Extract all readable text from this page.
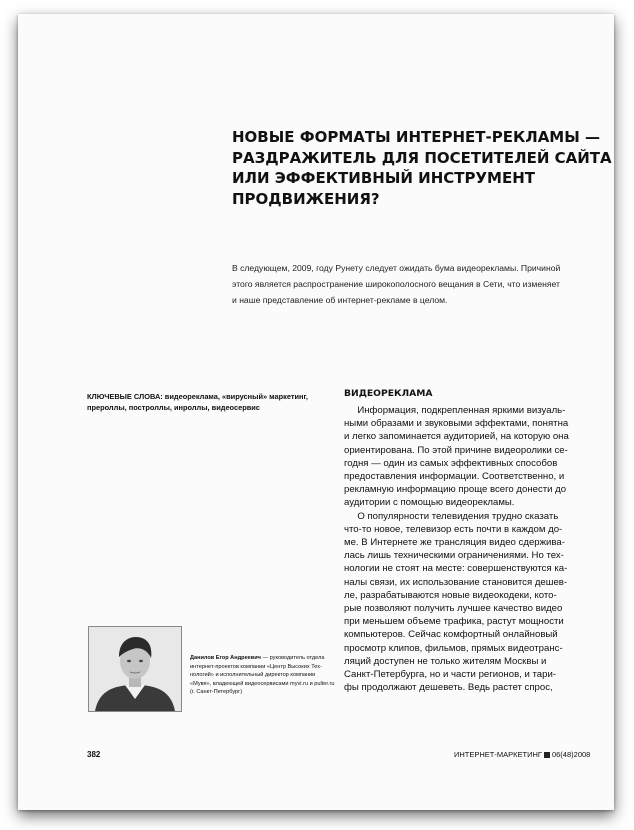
НОВЫЕ ФОРМАТЫ ИНТЕРНЕТ-РЕКЛАМЫ —
РАЗДРАЖИТЕЛЬ ДЛЯ ПОСЕТИТЕЛЕЙ САЙТА
ИЛИ ЭФФЕКТИВНЫЙ ИНСТРУМЕНТ
ПРОДВИЖЕНИЯ?

В следующем, 2009, году Рунету следует ожидать бума видеорекламы. Причиной
этого является распространение широкополосного вещания в Сети, что изменяет
и наше представление об интернет-рекламе в целом.

КЛЮЧЕВЫЕ СЛОВА: видеореклама, «вирусный» маркетинг,
прероллы, построллы, инроллы, видеосервис
ВИДЕОРЕКЛАМА

Информация, подкрепленная яркими визуаль-
ными образами и звуковыми эффектами, понятна
и легко запоминается аудиторией, на которую она
ориентирована. По этой причине видеоролики се-
годня — один из самых эффективных способов
предоставления информации. Соответственно, и
рекламную информацию проще всего донести до
аудитории с помощью видеорекламы.
О популярности телевидения трудно сказать
что-то новое, телевизор есть почти в каждом до-
ме. В Интернете же трансляция видео сдержива-
лась лишь техническими ограничениями. Но тех-
нологии не стоят на месте: совершенствуются ка-
налы связи, их использование становится дешев-
ле, разрабатываются новые видеокодеки, кото-
рые позволяют получить лучшее качество видео
при меньшем объеме трафика, растут мощности
компьютеров. Сейчас комфортный онлайновый
просмотр клипов, фильмов, прямых видеотранс-
ляций доступен не только жителям Москвы и
Санкт-Петербурга, но и части регионов, и тари-
фы продолжают дешеветь. Ведь растет спрос,

Данилов Егор Андреевич — руководитель отдела
интернет-проектов компании «Центр Высоких Тех-
нологий» и исполнительный директор компании
«Мувя», владеющей видеосервисами myvi.ru и pulter.ru
(г. Санкт-Петербург)
382	ИНТЕРНЕТ-МАРКЕТИНГ 06(48)2008
